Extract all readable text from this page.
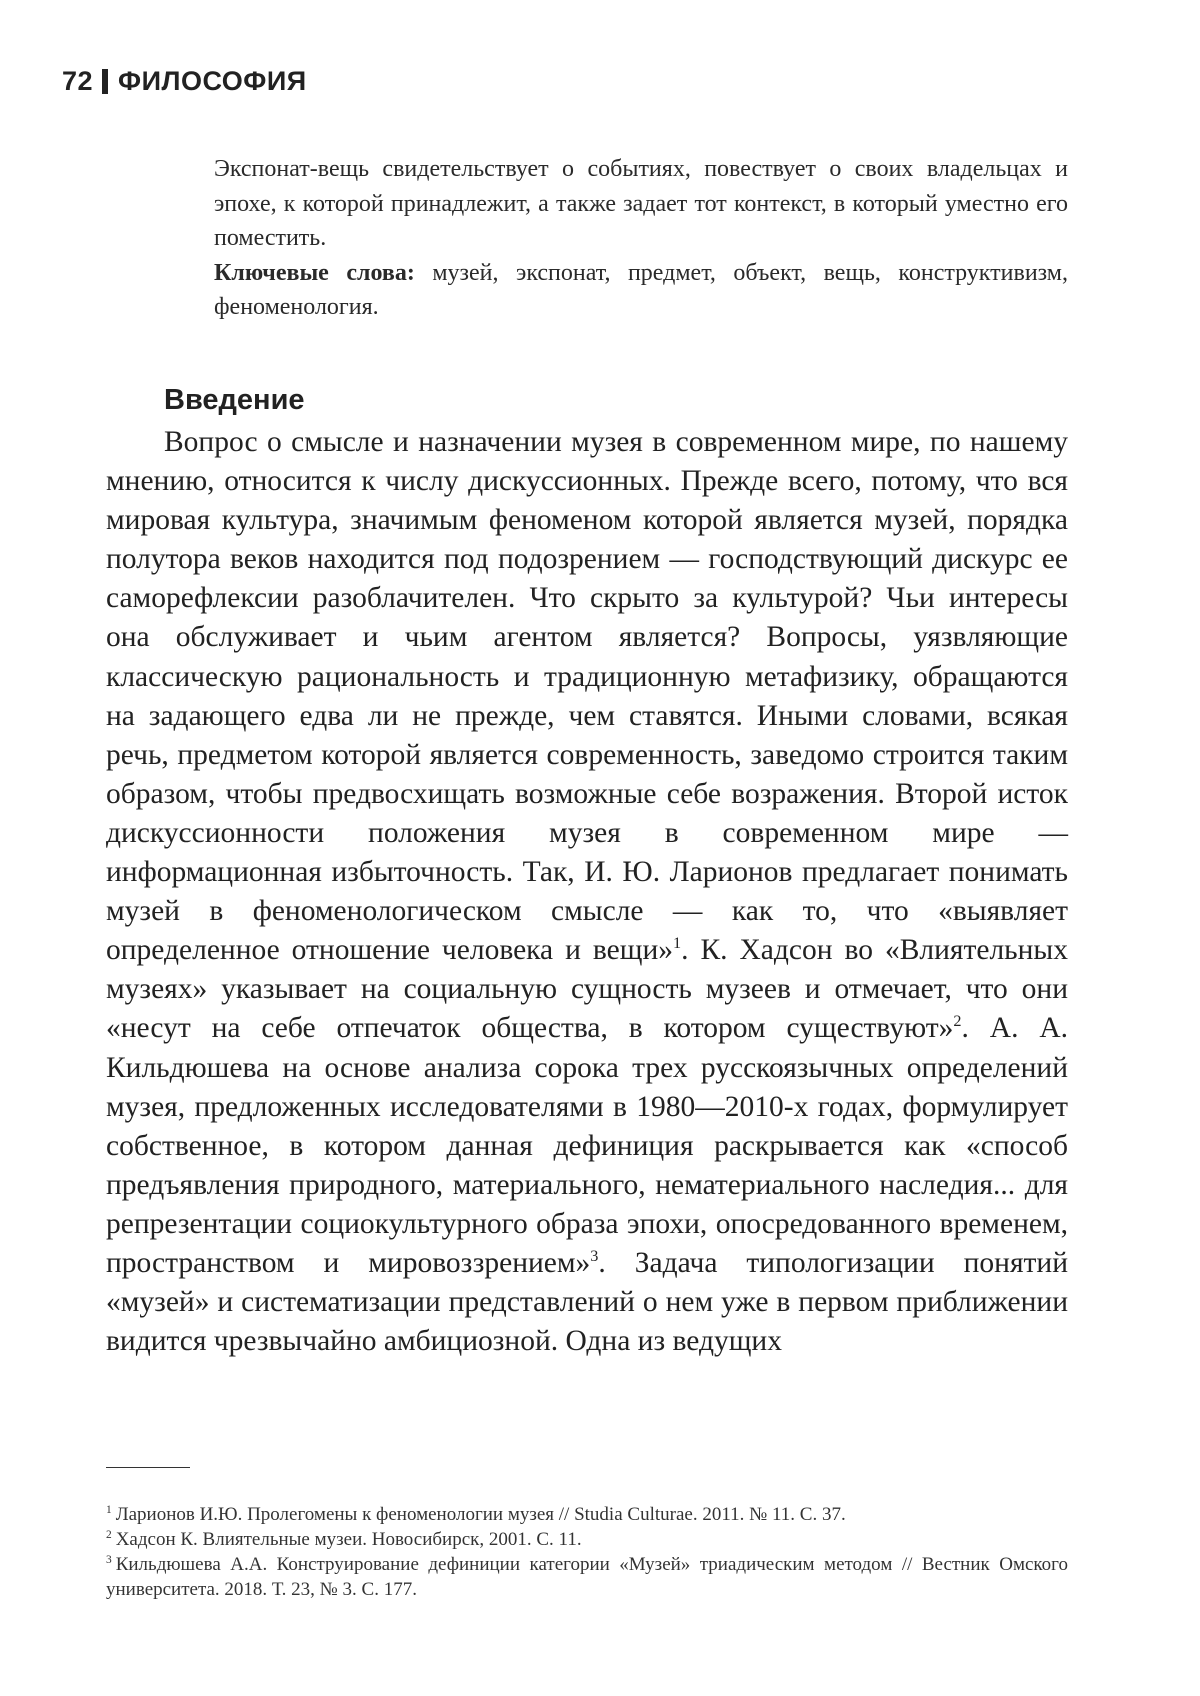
72 ФИЛОСОФИЯ

Экспонат-вещь свидетельствует о событиях, повествует о своих владельцах и эпохе, к которой принадлежит, а также задает тот контекст, в который уместно его поместить.

Ключевые слова: музей, экспонат, предмет, объект, вещь, конструктивизм, феноменология.

Введение

Вопрос о смысле и назначении музея в современном мире, по нашему мнению, относится к числу дискуссионных. Прежде всего, потому, что вся мировая культура, значимым феноменом которой является музей, порядка полутора веков находится под подозрением — господствующий дискурс ее саморефлексии разоблачителен. Что скрыто за культурой? Чьи интересы она обслуживает и чьим агентом является? Вопросы, уязвляющие классическую рациональность и традиционную метафизику, обращаются на задающего едва ли не прежде, чем ставятся. Иными словами, всякая речь, предметом которой является современность, заведомо строится таким образом, чтобы предвосхищать возможные себе возражения. Второй исток дискуссионности положения музея в современном мире — информационная избыточность. Так, И. Ю. Ларионов предлагает понимать музей в феноменологическом смысле — как то, что «выявляет определенное отношение человека и вещи»$^1$. К. Хадсон во «Влиятельных музеях» указывает на социальную сущность музеев и отмечает, что они «несут на себе отпечаток общества, в котором существуют»$^2$. А. А. Кильдюшева на основе анализа сорока трех русскоязычных определений музея, предложенных исследователями в 1980—2010-х годах, формулирует собственное, в котором данная дефиниция раскрывается как «способ предъявления природного, материального, нематериального наследия... для репрезентации социокультурного образа эпохи, опосредованного временем, пространством и мировоззрением»$^3$. Задача типологизации понятий «музей» и систематизации представлений о нем уже в первом приближении видится чрезвычайно амбициозной. Одна из ведущих

$^1$ Ларионов И.Ю. Пролегомены к феноменологии музея // Studia Culturae. 2011. № 11. С. 37.

$^2$ Хадсон К. Влиятельные музеи. Новосибирск, 2001. С. 11.

$^3$ Кильдюшева А.А. Конструирование дефиниции категории «Музей» триадическим методом // Вестник Омского университета. 2018. Т. 23, № 3. С. 177.
